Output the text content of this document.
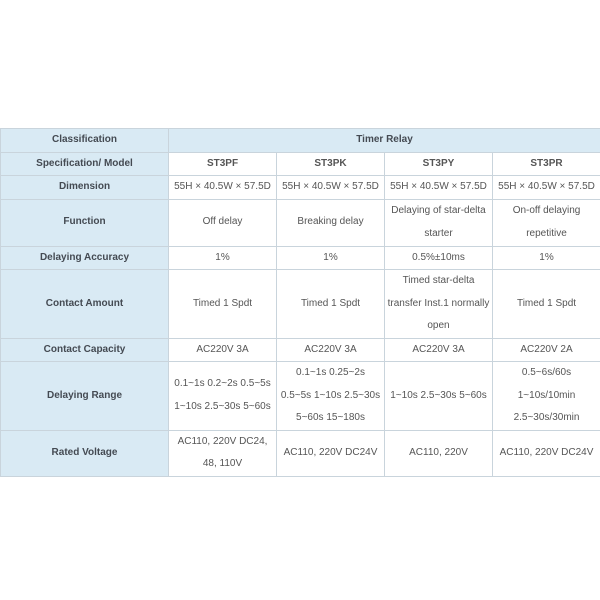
Classification	Timer Relay			
Specification/ Model	ST3PF	ST3PK	ST3PY	ST3PR

Dimension	55H × 40.5W × 57.5D	55H × 40.5W × 57.5D	55H × 40.5W × 57.5D	55H × 40.5W × 57.5D

Function	Off delay	Breaking delay	Delaying of star-delta
starter	On-off delaying
repetitive

Delaying Accuracy	1%	1%	0.5%±10ms	1%

Contact Amount	Timed 1 Spdt	Timed 1 Spdt	Timed star-delta
transfer Inst.1 normally
open	Timed 1 Spdt

Contact Capacity	AC220V 3A	AC220V 3A	AC220V 3A	AC220V 2A

Delaying Range	0.1~1s 0.2~2s 0.5~5s
1~10s 2.5~30s 5~60s	0.1~1s 0.25~2s
0.5~5s 1~10s 2.5~30s
5~60s 15~180s	1~10s 2.5~30s 5~60s	0.5~6s/60s
1~10s/10min
2.5~30s/30min

Rated Voltage	AC110, 220V DC24,
48, 110V	AC110, 220V DC24V	AC110, 220V	AC110, 220V DC24V
